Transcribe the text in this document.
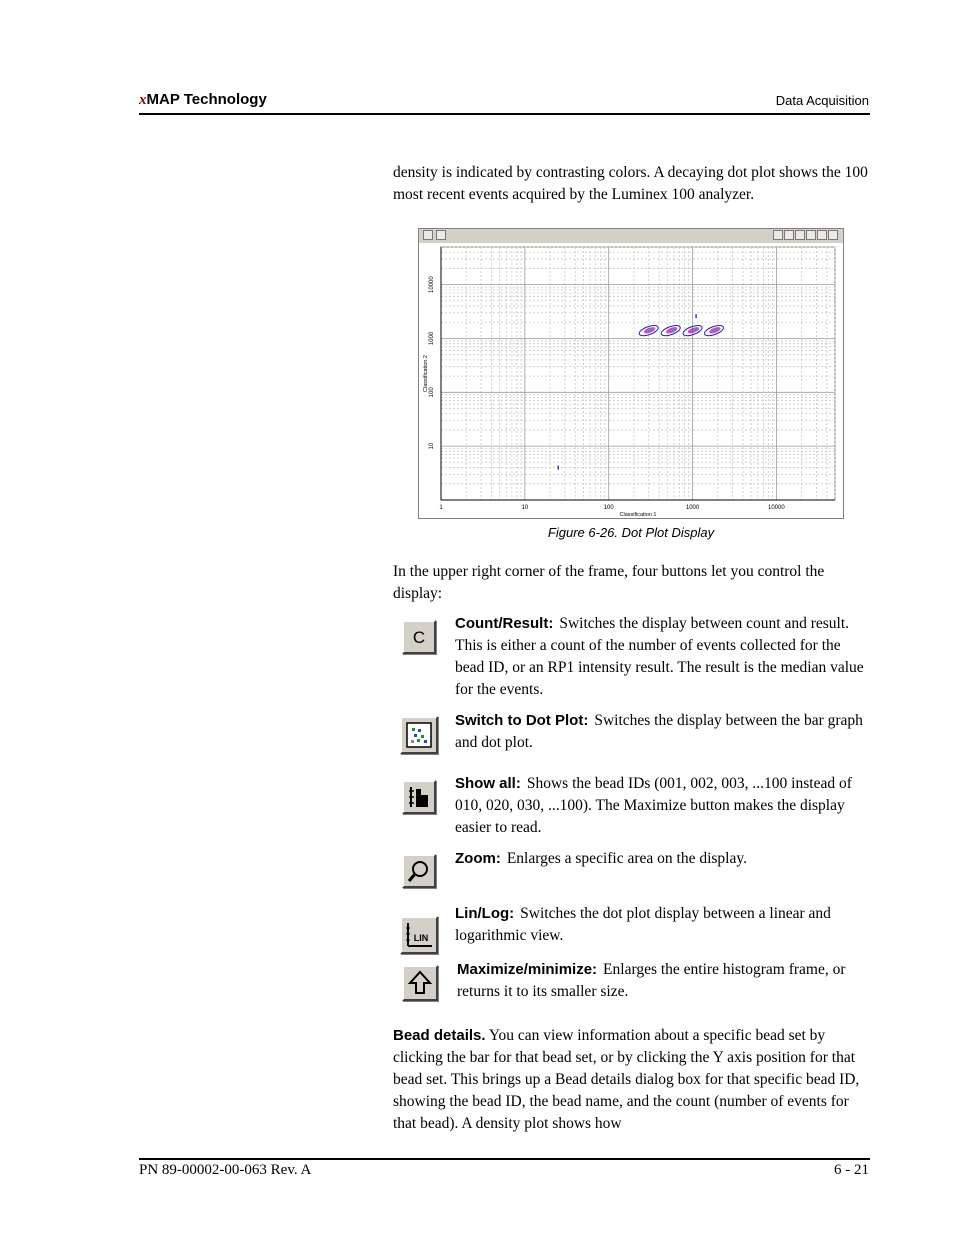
xMAP Technology	Data Acquisition

density is indicated by contrasting colors. A decaying dot plot shows the 100 most recent events acquired by the Luminex 100 analyzer.

1	10	100	1000	10000
10
100
1000
10000
Classification 1
Classification 2
Figure 6-26. Dot Plot Display

In the upper right corner of the frame, four buttons let you control the display:

C

Count/Result: Switches the display between count and result. This is either a count of the number of events collected for the bead ID, or an RP1 intensity result. The result is the median value for the events.

Switch to Dot Plot: Switches the display between the bar graph and dot plot.

Show all: Shows the bead IDs (001, 002, 003, ...100 instead of 010, 020, 030, ...100). The Maximize button makes the display easier to read.

Zoom: Enlarges a specific area on the display.

LIN

Lin/Log: Switches the dot plot display between a linear and logarithmic view.

Maximize/minimize: Enlarges the entire histogram frame, or returns it to its smaller size.

Bead details. You can view information about a specific bead set by clicking the bar for that bead set, or by clicking the Y axis position for that bead set. This brings up a Bead details dialog box for that specific bead ID, showing the bead ID, the bead name, and the count (number of events for that bead). A density plot shows how

PN 89-00002-00-063 Rev. A	6 - 21
